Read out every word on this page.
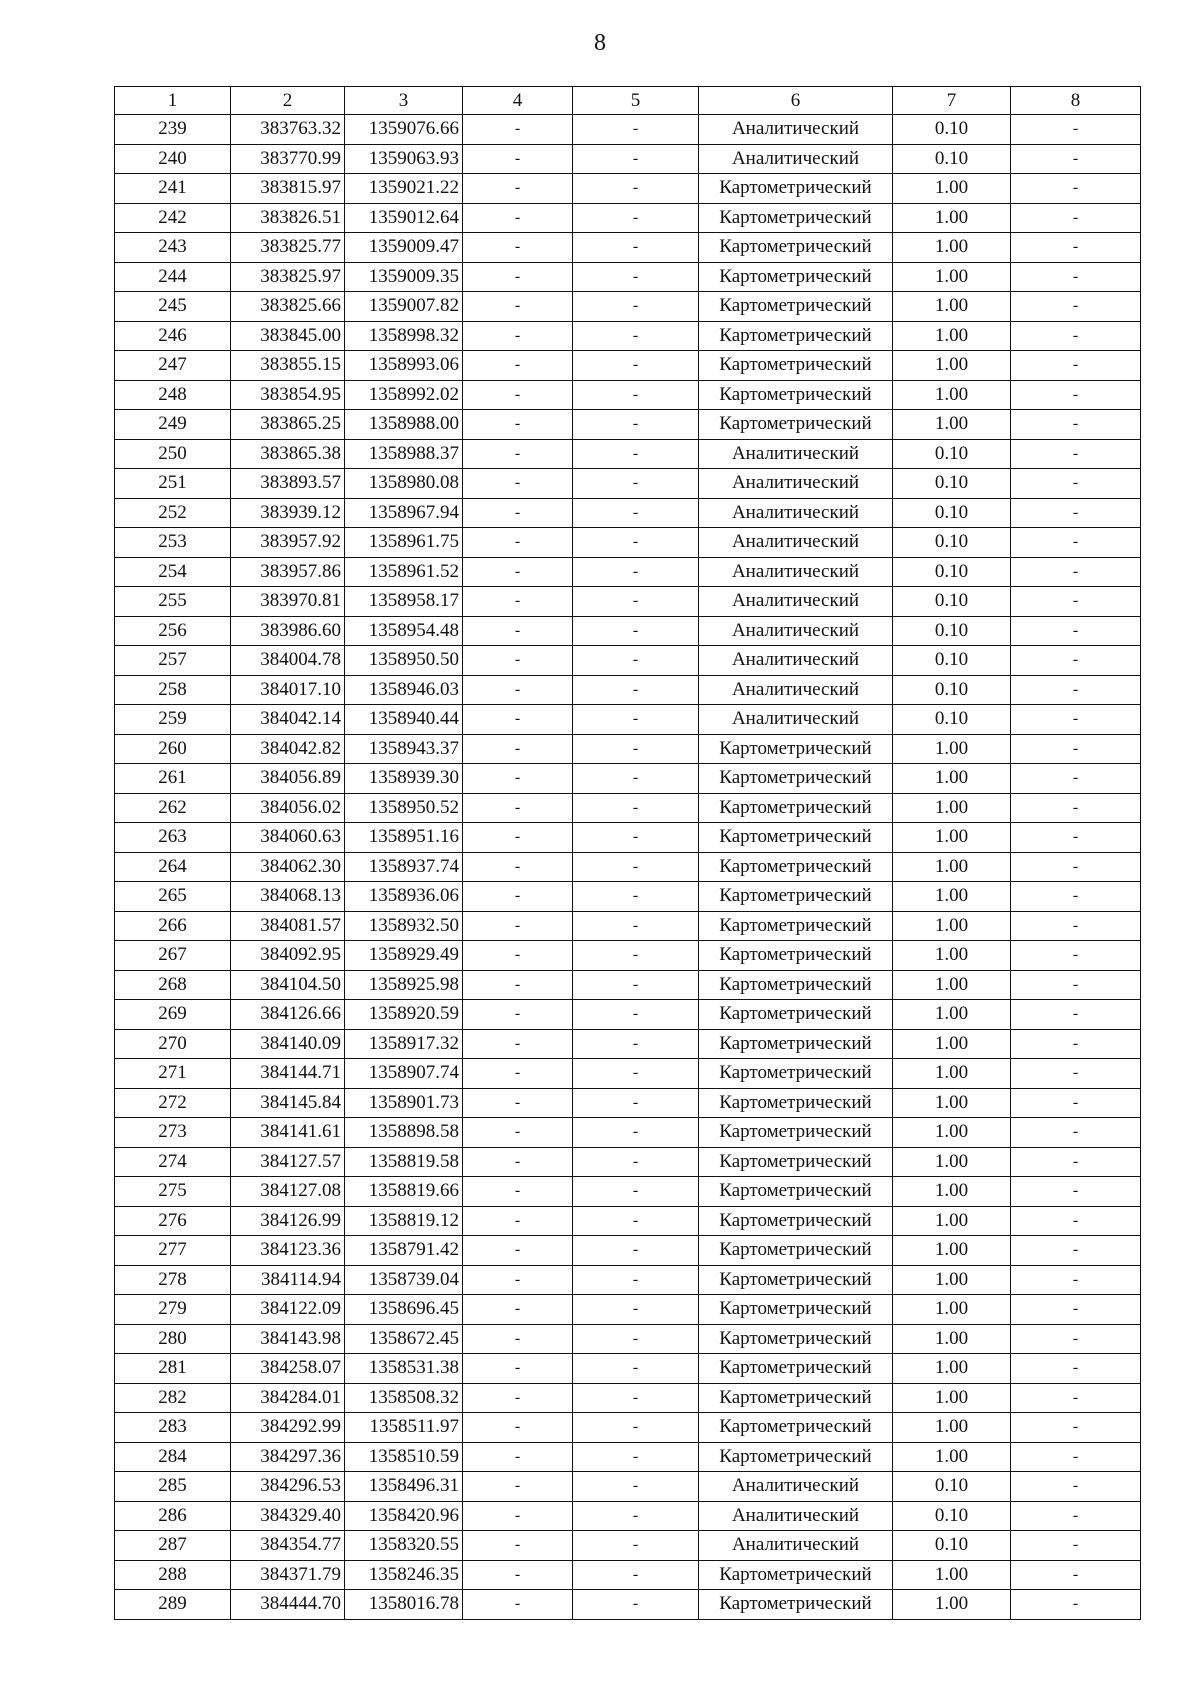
8
1	2	3	4	5	6	7	8
239	383763.32	1359076.66	-	-	Аналитический	0.10	-
240	383770.99	1359063.93	-	-	Аналитический	0.10	-
241	383815.97	1359021.22	-	-	Картометрический	1.00	-
242	383826.51	1359012.64	-	-	Картометрический	1.00	-
243	383825.77	1359009.47	-	-	Картометрический	1.00	-
244	383825.97	1359009.35	-	-	Картометрический	1.00	-
245	383825.66	1359007.82	-	-	Картометрический	1.00	-
246	383845.00	1358998.32	-	-	Картометрический	1.00	-
247	383855.15	1358993.06	-	-	Картометрический	1.00	-
248	383854.95	1358992.02	-	-	Картометрический	1.00	-
249	383865.25	1358988.00	-	-	Картометрический	1.00	-
250	383865.38	1358988.37	-	-	Аналитический	0.10	-
251	383893.57	1358980.08	-	-	Аналитический	0.10	-
252	383939.12	1358967.94	-	-	Аналитический	0.10	-
253	383957.92	1358961.75	-	-	Аналитический	0.10	-
254	383957.86	1358961.52	-	-	Аналитический	0.10	-
255	383970.81	1358958.17	-	-	Аналитический	0.10	-
256	383986.60	1358954.48	-	-	Аналитический	0.10	-
257	384004.78	1358950.50	-	-	Аналитический	0.10	-
258	384017.10	1358946.03	-	-	Аналитический	0.10	-
259	384042.14	1358940.44	-	-	Аналитический	0.10	-
260	384042.82	1358943.37	-	-	Картометрический	1.00	-
261	384056.89	1358939.30	-	-	Картометрический	1.00	-
262	384056.02	1358950.52	-	-	Картометрический	1.00	-
263	384060.63	1358951.16	-	-	Картометрический	1.00	-
264	384062.30	1358937.74	-	-	Картометрический	1.00	-
265	384068.13	1358936.06	-	-	Картометрический	1.00	-
266	384081.57	1358932.50	-	-	Картометрический	1.00	-
267	384092.95	1358929.49	-	-	Картометрический	1.00	-
268	384104.50	1358925.98	-	-	Картометрический	1.00	-
269	384126.66	1358920.59	-	-	Картометрический	1.00	-
270	384140.09	1358917.32	-	-	Картометрический	1.00	-
271	384144.71	1358907.74	-	-	Картометрический	1.00	-
272	384145.84	1358901.73	-	-	Картометрический	1.00	-
273	384141.61	1358898.58	-	-	Картометрический	1.00	-
274	384127.57	1358819.58	-	-	Картометрический	1.00	-
275	384127.08	1358819.66	-	-	Картометрический	1.00	-
276	384126.99	1358819.12	-	-	Картометрический	1.00	-
277	384123.36	1358791.42	-	-	Картометрический	1.00	-
278	384114.94	1358739.04	-	-	Картометрический	1.00	-
279	384122.09	1358696.45	-	-	Картометрический	1.00	-
280	384143.98	1358672.45	-	-	Картометрический	1.00	-
281	384258.07	1358531.38	-	-	Картометрический	1.00	-
282	384284.01	1358508.32	-	-	Картометрический	1.00	-
283	384292.99	1358511.97	-	-	Картометрический	1.00	-
284	384297.36	1358510.59	-	-	Картометрический	1.00	-
285	384296.53	1358496.31	-	-	Аналитический	0.10	-
286	384329.40	1358420.96	-	-	Аналитический	0.10	-
287	384354.77	1358320.55	-	-	Аналитический	0.10	-
288	384371.79	1358246.35	-	-	Картометрический	1.00	-
289	384444.70	1358016.78	-	-	Картометрический	1.00	-
